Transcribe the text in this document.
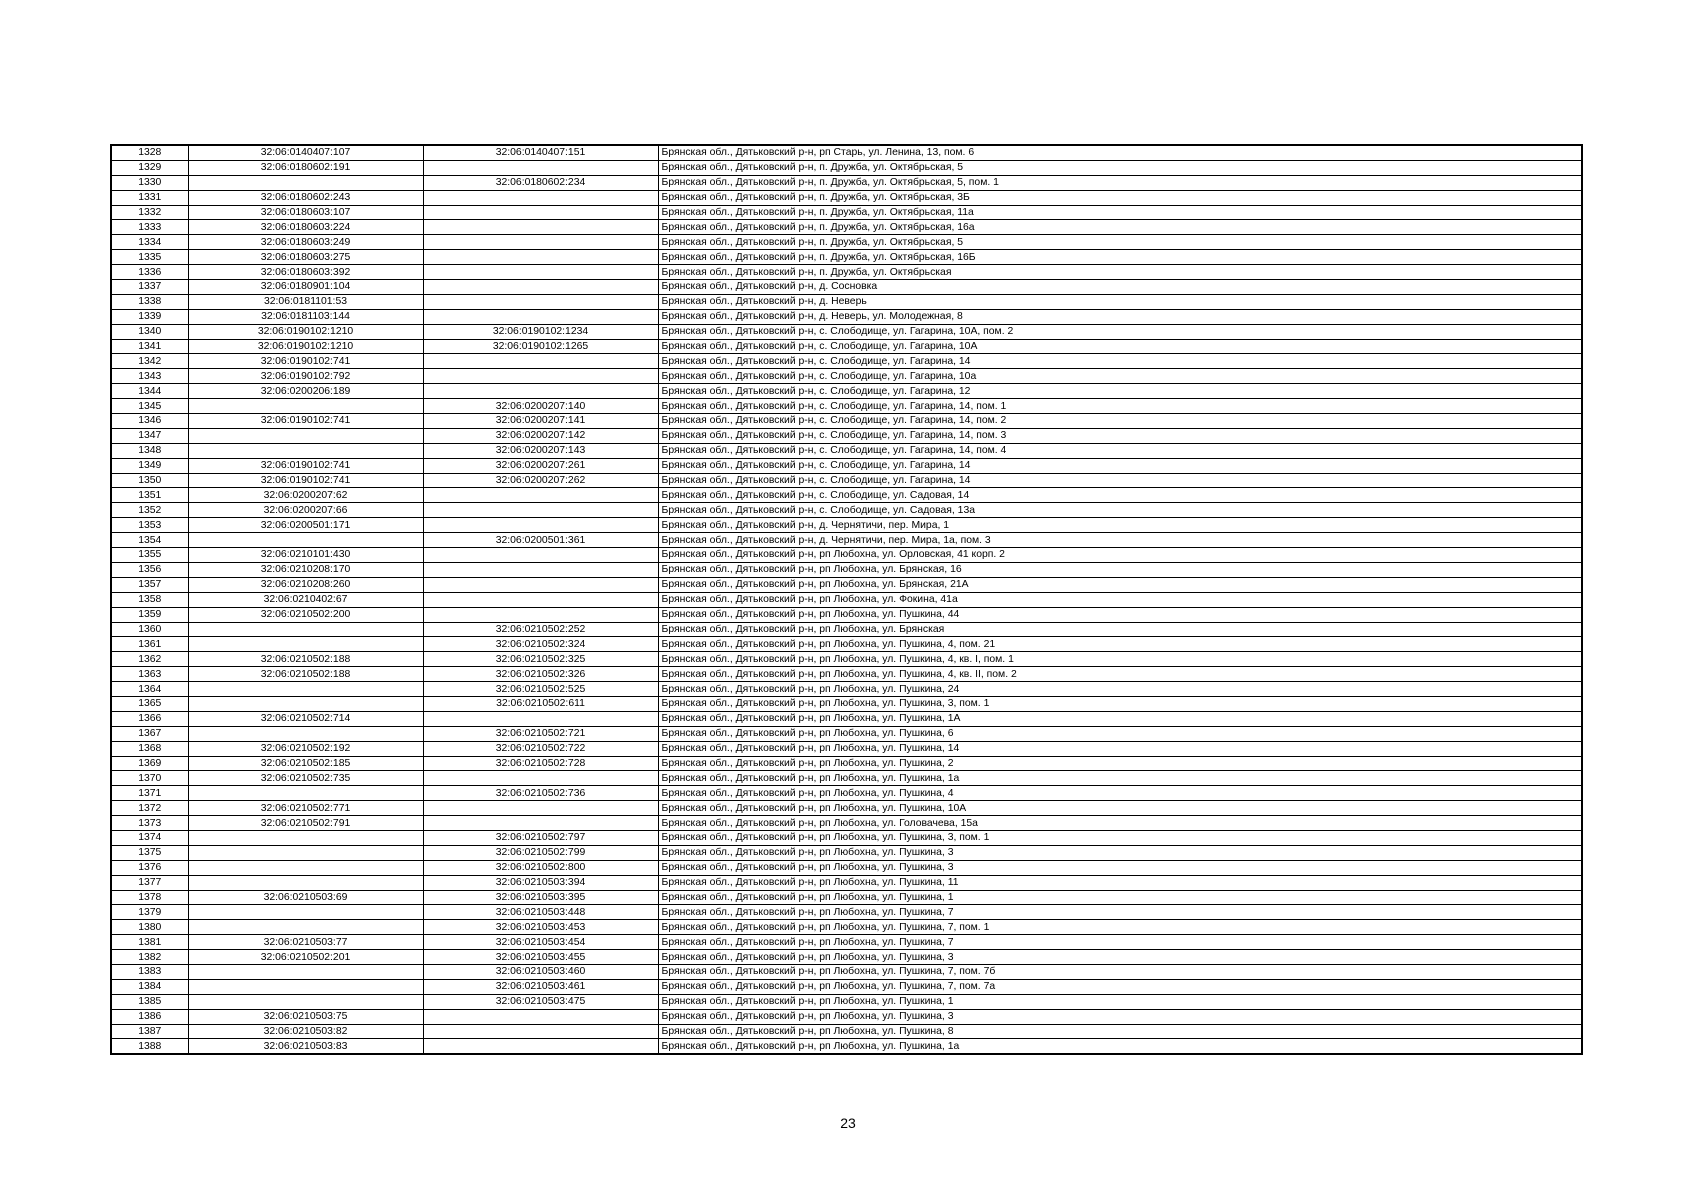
1328	32:06:0140407:107	32:06:0140407:151	Брянская обл., Дятьковский р-н, рп Старь, ул. Ленина, 13, пом. 6
1329	32:06:0180602:191		Брянская обл., Дятьковский р-н, п. Дружба, ул. Октябрьская, 5
1330		32:06:0180602:234	Брянская обл., Дятьковский р-н, п. Дружба, ул. Октябрьская, 5, пом. 1
1331	32:06:0180602:243		Брянская обл., Дятьковский р-н, п. Дружба, ул. Октябрьская, 3Б
1332	32:06:0180603:107		Брянская обл., Дятьковский р-н, п. Дружба, ул. Октябрьская, 11а
1333	32:06:0180603:224		Брянская обл., Дятьковский р-н, п. Дружба, ул. Октябрьская, 16а
1334	32:06:0180603:249		Брянская обл., Дятьковский р-н, п. Дружба, ул. Октябрьская, 5
1335	32:06:0180603:275		Брянская обл., Дятьковский р-н, п. Дружба, ул. Октябрьская, 16Б
1336	32:06:0180603:392		Брянская обл., Дятьковский р-н, п. Дружба, ул. Октябрьская
1337	32:06:0180901:104		Брянская обл., Дятьковский р-н, д. Сосновка
1338	32:06:0181101:53		Брянская обл., Дятьковский р-н, д. Неверь
1339	32:06:0181103:144		Брянская обл., Дятьковский р-н, д. Неверь, ул. Молодежная, 8
1340	32:06:0190102:1210	32:06:0190102:1234	Брянская обл., Дятьковский р-н, с. Слободище, ул. Гагарина, 10А, пом. 2
1341	32:06:0190102:1210	32:06:0190102:1265	Брянская обл., Дятьковский р-н, с. Слободище, ул. Гагарина, 10А
1342	32:06:0190102:741		Брянская обл., Дятьковский р-н, с. Слободище, ул. Гагарина, 14
1343	32:06:0190102:792		Брянская обл., Дятьковский р-н, с. Слободище, ул. Гагарина, 10а
1344	32:06:0200206:189		Брянская обл., Дятьковский р-н, с. Слободище, ул. Гагарина, 12
1345		32:06:0200207:140	Брянская обл., Дятьковский р-н, с. Слободище, ул. Гагарина, 14, пом. 1
1346	32:06:0190102:741	32:06:0200207:141	Брянская обл., Дятьковский р-н, с. Слободище, ул. Гагарина, 14, пом. 2
1347		32:06:0200207:142	Брянская обл., Дятьковский р-н, с. Слободище, ул. Гагарина, 14, пом. 3
1348		32:06:0200207:143	Брянская обл., Дятьковский р-н, с. Слободище, ул. Гагарина, 14, пом. 4
1349	32:06:0190102:741	32:06:0200207:261	Брянская обл., Дятьковский р-н, с. Слободище, ул. Гагарина, 14
1350	32:06:0190102:741	32:06:0200207:262	Брянская обл., Дятьковский р-н, с. Слободище, ул. Гагарина, 14
1351	32:06:0200207:62		Брянская обл., Дятьковский р-н, с. Слободище, ул. Садовая, 14
1352	32:06:0200207:66		Брянская обл., Дятьковский р-н, с. Слободище, ул. Садовая, 13а
1353	32:06:0200501:171		Брянская обл., Дятьковский р-н, д. Чернятичи, пер. Мира, 1
1354		32:06:0200501:361	Брянская обл., Дятьковский р-н, д. Чернятичи, пер. Мира, 1а, пом. 3
1355	32:06:0210101:430		Брянская обл., Дятьковский р-н, рп Любохна, ул. Орловская, 41 корп. 2
1356	32:06:0210208:170		Брянская обл., Дятьковский р-н, рп Любохна, ул. Брянская, 16
1357	32:06:0210208:260		Брянская обл., Дятьковский р-н, рп Любохна, ул. Брянская, 21А
1358	32:06:0210402:67		Брянская обл., Дятьковский р-н, рп Любохна, ул. Фокина, 41а
1359	32:06:0210502:200		Брянская обл., Дятьковский р-н, рп Любохна, ул. Пушкина, 44
1360		32:06:0210502:252	Брянская обл., Дятьковский р-н, рп Любохна, ул. Брянская
1361		32:06:0210502:324	Брянская обл., Дятьковский р-н, рп Любохна, ул. Пушкина, 4, пом. 21
1362	32:06:0210502:188	32:06:0210502:325	Брянская обл., Дятьковский р-н, рп Любохна, ул. Пушкина, 4, кв. I, пом. 1
1363	32:06:0210502:188	32:06:0210502:326	Брянская обл., Дятьковский р-н, рп Любохна, ул. Пушкина, 4, кв. II, пом. 2
1364		32:06:0210502:525	Брянская обл., Дятьковский р-н, рп Любохна, ул. Пушкина, 24
1365		32:06:0210502:611	Брянская обл., Дятьковский р-н, рп Любохна, ул. Пушкина, 3, пом. 1
1366	32:06:0210502:714		Брянская обл., Дятьковский р-н, рп Любохна, ул. Пушкина, 1А
1367		32:06:0210502:721	Брянская обл., Дятьковский р-н, рп Любохна, ул. Пушкина, 6
1368	32:06:0210502:192	32:06:0210502:722	Брянская обл., Дятьковский р-н, рп Любохна, ул. Пушкина, 14
1369	32:06:0210502:185	32:06:0210502:728	Брянская обл., Дятьковский р-н, рп Любохна, ул. Пушкина, 2
1370	32:06:0210502:735		Брянская обл., Дятьковский р-н, рп Любохна, ул. Пушкина, 1а
1371		32:06:0210502:736	Брянская обл., Дятьковский р-н, рп Любохна, ул. Пушкина, 4
1372	32:06:0210502:771		Брянская обл., Дятьковский р-н, рп Любохна, ул. Пушкина, 10А
1373	32:06:0210502:791		Брянская обл., Дятьковский р-н, рп Любохна, ул. Головачева, 15а
1374		32:06:0210502:797	Брянская обл., Дятьковский р-н, рп Любохна, ул. Пушкина, 3, пом. 1
1375		32:06:0210502:799	Брянская обл., Дятьковский р-н, рп Любохна, ул. Пушкина, 3
1376		32:06:0210502:800	Брянская обл., Дятьковский р-н, рп Любохна, ул. Пушкина, 3
1377		32:06:0210503:394	Брянская обл., Дятьковский р-н, рп Любохна, ул. Пушкина, 11
1378	32:06:0210503:69	32:06:0210503:395	Брянская обл., Дятьковский р-н, рп Любохна, ул. Пушкина, 1
1379		32:06:0210503:448	Брянская обл., Дятьковский р-н, рп Любохна, ул. Пушкина, 7
1380		32:06:0210503:453	Брянская обл., Дятьковский р-н, рп Любохна, ул. Пушкина, 7, пом. 1
1381	32:06:0210503:77	32:06:0210503:454	Брянская обл., Дятьковский р-н, рп Любохна, ул. Пушкина, 7
1382	32:06:0210502:201	32:06:0210503:455	Брянская обл., Дятьковский р-н, рп Любохна, ул. Пушкина, 3
1383		32:06:0210503:460	Брянская обл., Дятьковский р-н, рп Любохна, ул. Пушкина, 7, пом. 7б
1384		32:06:0210503:461	Брянская обл., Дятьковский р-н, рп Любохна, ул. Пушкина, 7, пом. 7а
1385		32:06:0210503:475	Брянская обл., Дятьковский р-н, рп Любохна, ул. Пушкина, 1
1386	32:06:0210503:75		Брянская обл., Дятьковский р-н, рп Любохна, ул. Пушкина, 3
1387	32:06:0210503:82		Брянская обл., Дятьковский р-н, рп Любохна, ул. Пушкина, 8
1388	32:06:0210503:83		Брянская обл., Дятьковский р-н, рп Любохна, ул. Пушкина, 1а
23
